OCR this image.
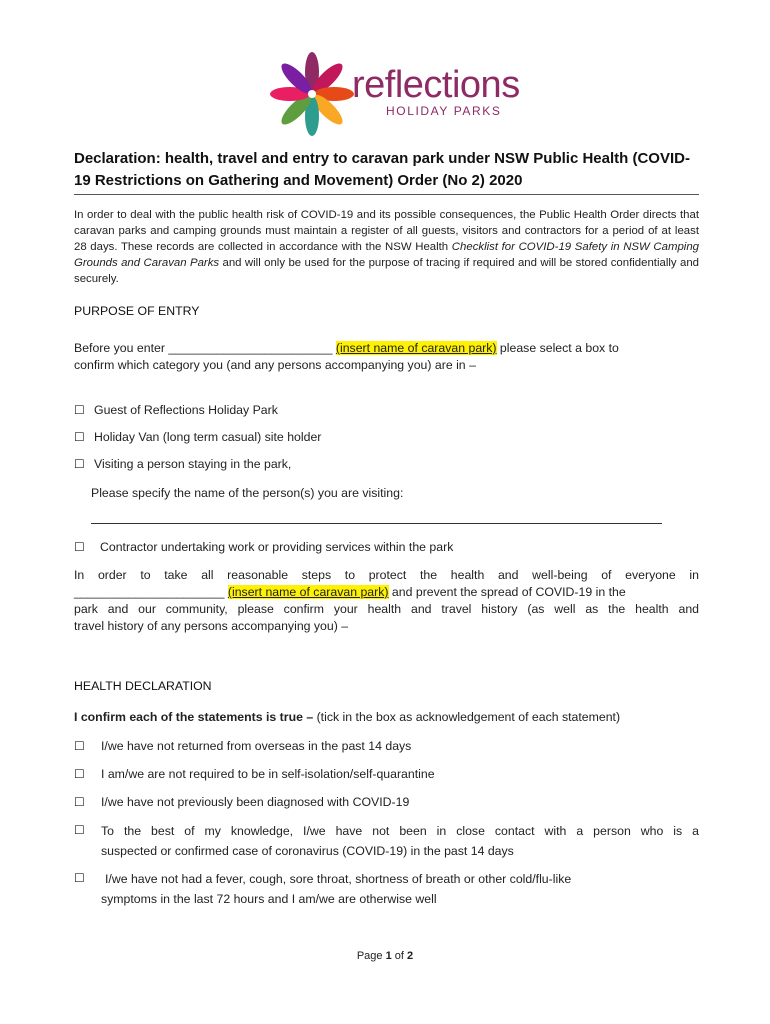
reflections
HOLIDAY PARKS
Declaration: health, travel and entry to caravan park under NSW Public Health (COVID-19 Restrictions on Gathering and Movement) Order (No 2) 2020
In order to deal with the public health risk of COVID-19 and its possible consequences, the Public Health Order directs that caravan parks and camping grounds must maintain a register of all guests, visitors and contractors for a period of at least 28 days. These records are collected in accordance with the NSW Health Checklist for COVID-19 Safety in NSW Camping Grounds and Caravan Parks and will only be used for the purpose of tracing if required and will be stored confidentially and securely.
PURPOSE OF ENTRY
Before you enter ________________________ (insert name of caravan park) please select a box to
confirm which category you (and any persons accompanying you) are in –
☐ Guest of Reflections Holiday Park
☐ Holiday Van (long term casual) site holder
☐ Visiting a person staying in the park,
Please specify the name of the person(s) you are visiting:
☐ Contractor undertaking work or providing services within the park
In order to take all reasonable steps to protect the health and well-being of everyone in
______________________ (insert name of caravan park) and prevent the spread of COVID-19 in the
park and our community, please confirm your health and travel history (as well as the health and
travel history of any persons accompanying you) –
HEALTH DECLARATION
I confirm each of the statements is true – (tick in the box as acknowledgement of each statement)
☐ I/we have not returned from overseas in the past 14 days
☐ I am/we are not required to be in self-isolation/self-quarantine
☐ I/we have not previously been diagnosed with COVID-19
☐	To the best of my knowledge, I/we have not been in close contact with a person who is a
suspected or confirmed case of coronavirus (COVID-19) in the past 14 days
☐	I/we have not had a fever, cough, sore throat, shortness of breath or other cold/flu-like
symptoms in the last 72 hours and I am/we are otherwise well
Page 1 of 2
